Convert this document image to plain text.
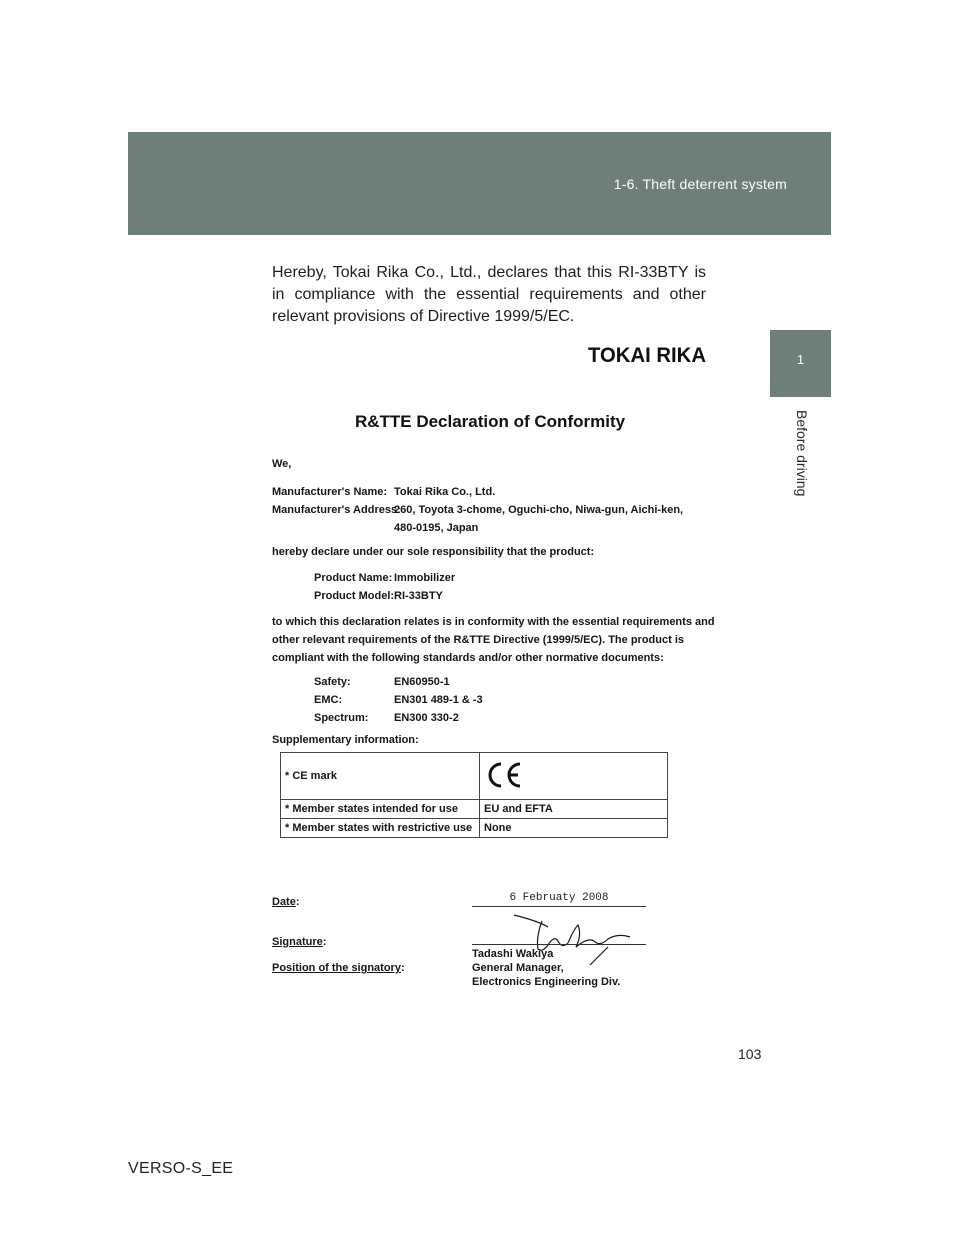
1-6. Theft deterrent system
1
Before driving

Hereby, Tokai Rika Co., Ltd., declares that this RI-33BTY is in compliance with the essential requirements and other relevant provisions of Directive 1999/5/EC.

TOKAI RIKA
R&TTE Declaration of Conformity
We,
Manufacturer's Name: Tokai Rika Co., Ltd.
Manufacturer's Address:
260, Toyota 3-chome, Oguchi-cho, Niwa-gun, Aichi-ken,
480-0195, Japan
hereby declare under our sole responsibility that the product:
Product Name: Immobilizer
Product Model: RI-33BTY
to which this declaration relates is in conformity with the essential requirements and
other relevant requirements of the R&TTE Directive (1999/5/EC). The product is
compliant with the following standards and/or other normative documents:
Safety:	EN60950-1
EMC:	EN301 489-1 & -3
Spectrum: EN300 330-2
Supplementary information:
* CE mark	
* Member states intended for use	EU and EFTA
* Member states with restrictive use	None
Date:	6 Februaty 2008
Signature:
Tadashi Wakiya
Position of the signatory:	General Manager,
Electronics Engineering Div.
103
VERSO-S_EE
